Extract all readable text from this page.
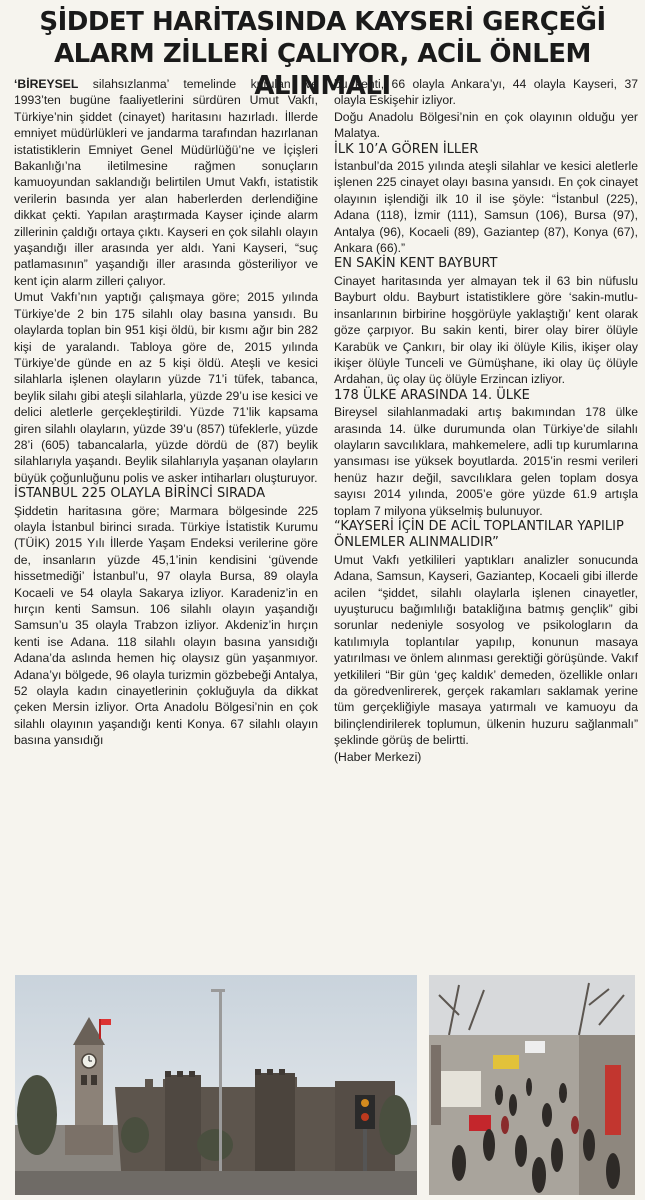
ŞİDDET HARİTASINDA KAYSERİ GERÇEĞİ
ALARM ZİLLERİ ÇALIYOR, ACİL ÖNLEM ALINMALI

‘BİREYSEL silahsızlanma’ temelinde kurulan ve 1993’ten bugüne faaliyetlerini sürdüren Umut Vakfı, Türkiye’nin şiddet (cinayet) haritasını hazırladı. İllerde emniyet müdürlükleri ve jandarma tarafından hazırlanan istatistiklerin Emniyet Genel Müdürlüğü’ne ve İçişleri Bakanlığı’na iletilmesine rağmen sonuçların kamuoyundan saklandığı belirtilen Umut Vakfı, istatistik verilerin basında yer alan haberlerden derlendiğine dikkat çekti. Yapılan araştırmada Kayser içinde alarm zillerinin çaldığı ortaya çıktı. Kayseri en çok silahlı olayın yaşandığı iller arasında yer aldı. Yani Kayseri, “suç patlamasının” yaşandığı iller arasında gösteriliyor ve kent için alarm zilleri çalıyor.

Umut Vakfı’nın yaptığı çalışmaya göre; 2015 yılında Türkiye’de 2 bin 175 silahlı olay basına yansıdı. Bu olaylarda toplan bin 951 kişi öldü, bir kısmı ağır bin 282 kişi de yaralandı. Tabloya göre de, 2015 yılında Türkiye’de günde en az 5 kişi öldü. Ateşli ve kesici silahlarla işlenen olayların yüzde 71’i tüfek, tabanca, beylik silahı gibi ateşli silahlarla, yüzde 29’u ise kesici ve delici aletlerle gerçekleştirildi. Yüzde 71’lik kapsama giren silahlı olayların, yüzde 39’u (857) tüfeklerle, yüzde 28’i (605) tabancalarla, yüzde dördü de (87) beylik silahlarıyla yaşandı. Beylik silahlarıyla yaşanan olayların büyük çoğunluğunu polis ve asker intiharları oluşturuyor.

İSTANBUL 225 OLAYLA BİRİNCİ SIRADA

Şiddetin haritasına göre; Marmara bölgesinde 225 olayla İstanbul birinci sırada. Türkiye İstatistik Kurumu (TÜİK) 2015 Yılı İllerde Yaşam Endeksi verilerine göre de, insanların yüzde 45,1’inin kendisini ‘güvende hissetmediği’ İstanbul’u, 97 olayla Bursa, 89 olayla Kocaeli ve 54 olayla Sakarya izliyor. Karadeniz’in en hırçın kenti Samsun. 106 silahlı olayın yaşandığı Samsun’u 35 olayla Trabzon izliyor. Akdeniz’in hırçın kenti ise Adana. 118 silahlı olayın basına yansıdığı Adana’da aslında hemen hiç olaysız gün yaşanmıyor. Adana’yı bölgede, 96 olayla turizmin gözbebeği Antalya, 52 olayla kadın cinayetlerinin çokluğuyla da dikkat çeken Mersin izliyor. Orta Anadolu Bölgesi’nin en çok silahlı olayının yaşandığı kenti Konya. 67 silahlı olayın basına yansıdığı

bu kenti, 66 olayla Ankara’yı, 44 olayla Kayseri, 37 olayla Eskişehir izliyor.

Doğu Anadolu Bölgesi’nin en çok olayının olduğu yer Malatya.

İLK 10’A GÖREN İLLER

İstanbul’da 2015 yılında ateşli silahlar ve kesici aletlerle işlenen 225 cinayet olayı basına yansıdı. En çok cinayet olayının işlendiği ilk 10 il ise şöyle: “İstanbul (225), Adana (118), İzmir (111), Samsun (106), Bursa (97), Antalya (96), Kocaeli (89), Gaziantep (87), Konya (67), Ankara (66).”

EN SAKİN KENT BAYBURT

Cinayet haritasında yer almayan tek il 63 bin nüfuslu Bayburt oldu. Bayburt istatistiklere göre ‘sakin-mutlu-insanlarının birbirine hoşgörüyle yaklaştığı’ kent olarak göze çarpıyor. Bu sakin kenti, birer olay birer ölüyle Karabük ve Çankırı, bir olay iki ölüyle Kilis, ikişer olay ikişer ölüyle Tunceli ve Gümüşhane, iki olay üç ölüyle Ardahan, üç olay üç ölüyle Erzincan izliyor.

178 ÜLKE ARASINDA 14. ÜLKE

Bireysel silahlanmadaki artış bakımından 178 ülke arasında 14. ülke durumunda olan Türkiye’de silahlı olayların savcılıklara, mahkemelere, adli tıp kurumlarına yansıması ise yüksek boyutlarda. 2015’in resmi verileri henüz hazır değil, savcılıklara gelen toplam dosya sayısı 2014 yılında, 2005’e göre yüzde 61.9 artışla toplam 7 milyona yükselmiş bulunuyor.

“KAYSERİ İÇİN DE ACİL TOPLANTILAR YAPILIP ÖNLEMLER ALINMALIDIR”

Umut Vakfı yetkilileri yaptıkları analizler sonucunda Adana, Samsun, Kayseri, Gaziantep, Kocaeli gibi illerde acilen “şiddet, silahlı olaylarla işlenen cinayetler, uyuşturucu bağımlılığı batakliğına batmış gençlik” gibi sorunlar nedeniyle sosyolog ve psikologların da katılımıyla toplantılar yapılıp, konunun masaya yatırılması ve önlem alınması gerektiği görüşünde. Vakıf yetkilileri “Bir gün ‘geç kaldık’ demeden, özellikle onları da göredvenlirerek, gerçek rakamları saklamak yerine tüm gerçekliğiyle masaya yatırmalı ve kamuoyu da bilinçlendirilerek toplumun, ülkenin huzuru sağlanmalı” şeklinde görüş de belirtti.

(Haber Merkezi)
